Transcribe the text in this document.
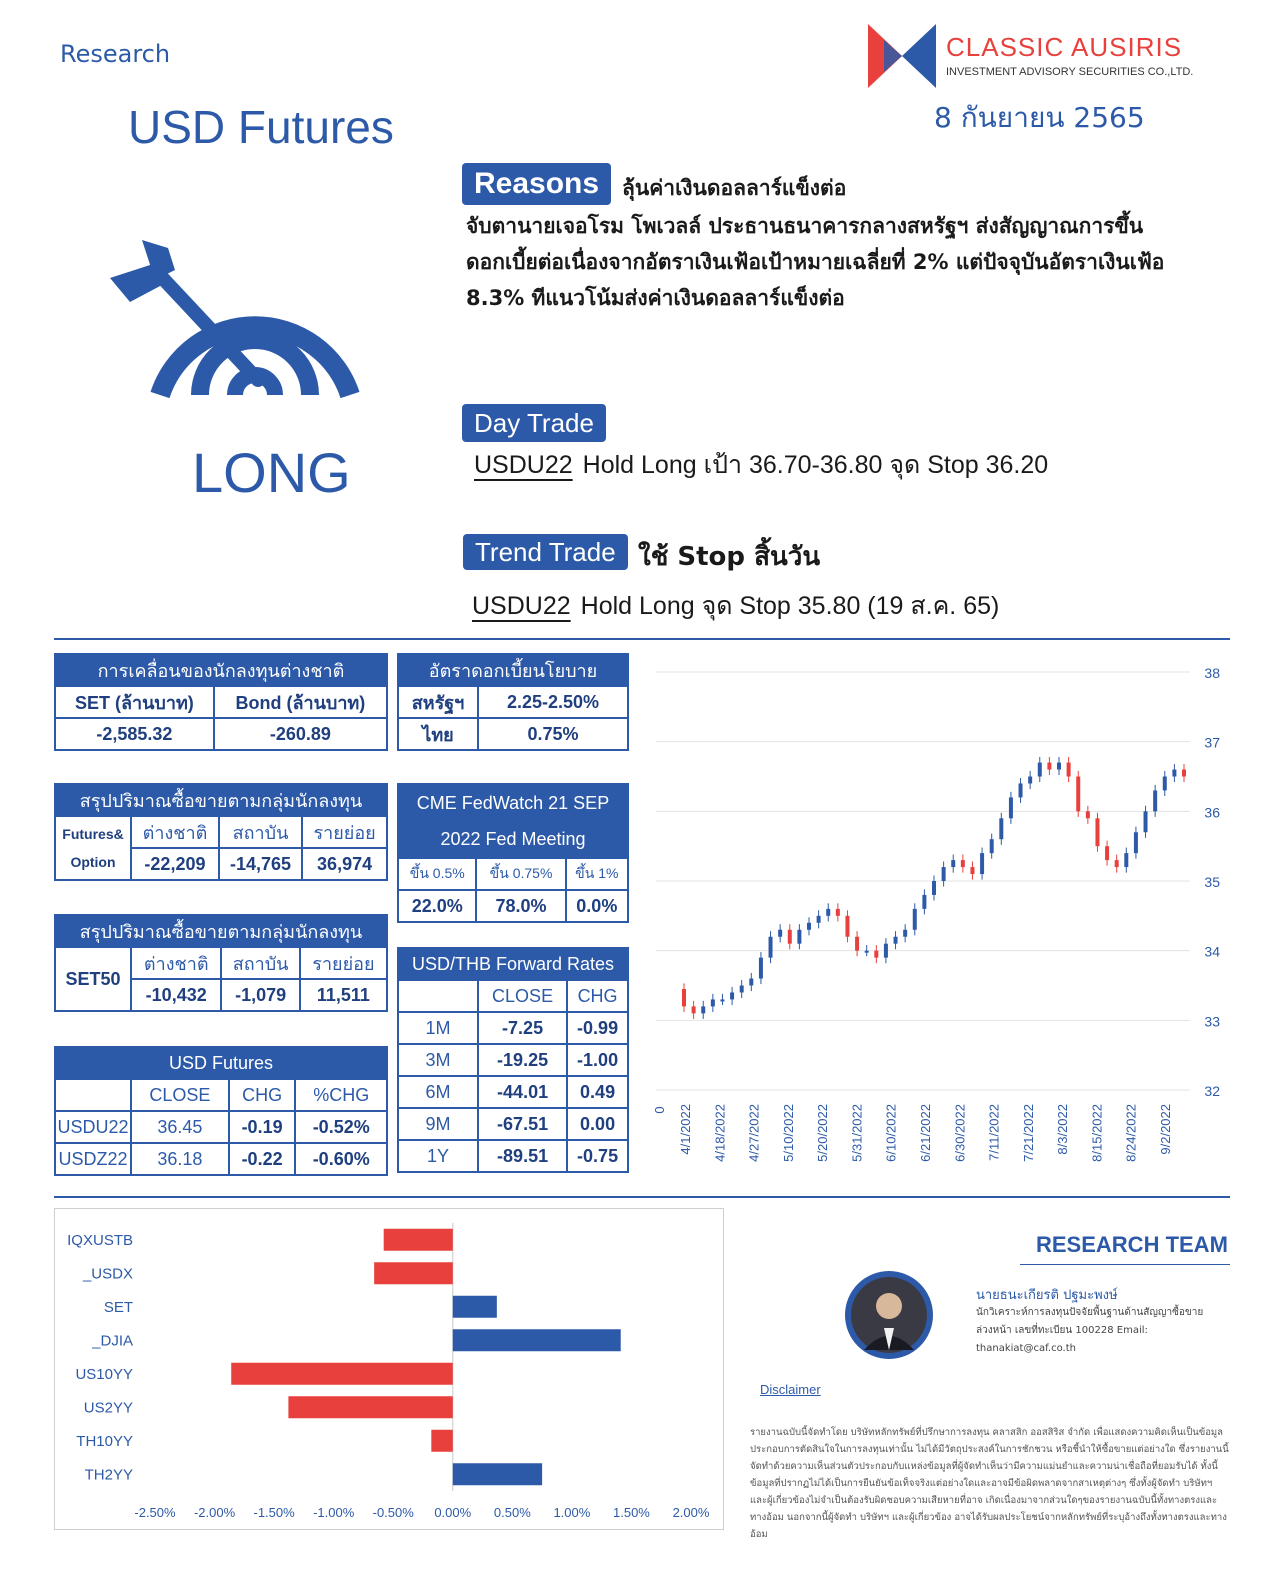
Research
USD Futures
CLASSIC AUSIRIS
INVESTMENT ADVISORY SECURITIES CO.,LTD.
8 กันยายน 2565
LONG
Reasons	ลุ้นค่าเงินดอลลาร์แข็งต่อ
จับตานายเจอโรม โพเวลล์ ประธานธนาคารกลางสหรัฐฯ ส่งสัญญาณการขึ้นดอกเบี้ยต่อเนื่องจากอัตราเงินเฟ้อเป้าหมายเฉลี่ยที่ 2% แต่ปัจจุบันอัตราเงินเฟ้อ 8.3% ทีแนวโน้มส่งค่าเงินดอลลาร์แข็งต่อ
Day Trade
USDU22 Hold Long เป้า 36.70-36.80 จุด Stop 36.20
Trend Trade ใช้ Stop สิ้นวัน
USDU22 Hold Long จุด Stop 35.80 (19 ส.ค. 65)
การเคลื่อนของนักลงทุนต่างชาติ	
SET (ล้านบาท)	Bond (ล้านบาท)
-2,585.32	-260.89
อัตราดอกเบี้ยนโยบาย	
สหรัฐฯ	2.25-2.50%
ไทย	0.75%
สรุปปริมาณซื้อขายตามกลุ่มนักลงทุน			

Futures&
Option	ต่างชาติ	สถาบัน	รายย่อย
	-22,209	-14,765	36,974
CME FedWatch 21 SEP
2022 Fed Meeting		

ขึ้น 0.5%	ขึ้น 0.75%	ขึ้น 1%
22.0%	78.0%	0.0%
สรุปปริมาณซื้อขายตามกลุ่มนักลงทุน			
SET50	ต่างชาติ	สถาบัน	รายย่อย
	-10,432	-1,079	11,511
USD/THB Forward Rates		
	CLOSE	CHG
1M	-7.25	-0.99
3M	-19.25	-1.00
6M	-44.01	0.49
9M	-67.51	0.00
1Y	-89.51	-0.75
USD Futures			
	CLOSE	CHG	%CHG
USDU22	36.45	-0.19	-0.52%
USDZ22	36.18	-0.22	-0.60%
38
37
36
35
34
33
32
0 4/1/2022 4/18/2022 4/27/2022 5/10/2022 5/20/2022 5/31/2022 6/10/2022 6/21/2022 6/30/2022 7/11/2022 7/21/2022 8/3/2022 8/15/2022 8/24/2022 9/2/2022
-2.50% -2.00% -1.50% -1.00% -0.50% 0.00% 0.50% 1.00% 1.50% 2.00%
IQXUSTB
_USDX
SET
_DJIA
US10YY
US2YY
TH10YY
TH2YY
RESEARCH TEAM
นายธนะเกียรติ ปฐมะพงษ์
นักวิเคราะห์การลงทุนปัจจัยพื้นฐานด้านสัญญาซื้อขายล่วงหน้า เลขที่ทะเบียน 100228 Email: thanakiat@caf.co.th
Disclaimer
รายงานฉบับนี้จัดทำโดย บริษัทหลักทรัพย์ที่ปรึกษาการลงทุน คลาสสิก ออสสิริส จำกัด เพื่อแสดงความคิดเห็นเป็นข้อมูลประกอบการตัดสินใจในการลงทุนเท่านั้น ไม่ได้มีวัตถุประสงค์ในการชักชวน หรือชี้นำให้ซื้อขายแต่อย่างใด ซึ่งรายงานนี้จัดทำด้วยความเห็นส่วนตัวประกอบกับแหล่งข้อมูลที่ผู้จัดทำเห็นว่ามีความแม่นยำและความน่าเชื่อถือที่ยอมรับได้ ทั้งนี้ข้อมูลที่ปรากฏไม่ได้เป็นการยืนยันข้อเท็จจริงแต่อย่างใดและอาจมีข้อผิดพลาดจากสาเหตุต่างๆ ซึ่งทั้งผู้จัดทำ บริษัทฯ และผู้เกี่ยวข้องไม่จำเป็นต้องรับผิดชอบความเสียหายที่อาจ เกิดเนื่องมาจากส่วนใดๆของรายงานฉบับนี้ทั้งทางตรงและทางอ้อม นอกจากนี้ผู้จัดทำ บริษัทฯ และผู้เกี่ยวข้อง อาจได้รับผลประโยชน์จากหลักทรัพย์ที่ระบุอ้างถึงทั้งทางตรงและทางอ้อม
